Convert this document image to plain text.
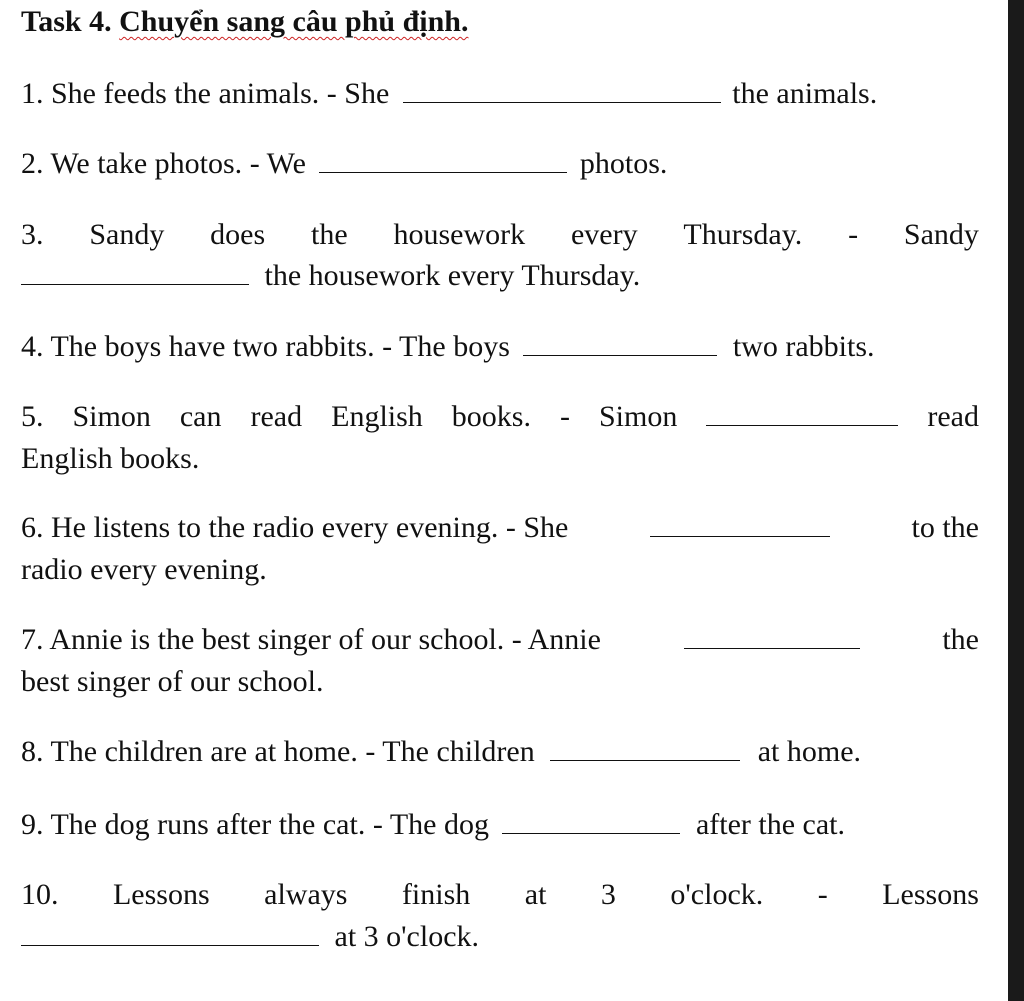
Task 4. Chuyển sang câu phủ định.
1. She feeds the animals. - She	the animals.
2. We take photos. - We	photos.
3. Sandy does the housework every Thursday. - Sandy
the housework every Thursday.
4. The boys have two rabbits. - The boys	two rabbits.
5. Simon can read English books. - Simon	read
English books.
6. He listens to the radio every evening. - She	to the
radio every evening.
7. Annie is the best singer of our school. - Annie	the
best singer of our school.
8. The children are at home. - The children	at home.
9. The dog runs after the cat. - The dog	after the cat.
10. Lessons always finish at 3 o'clock. - Lessons
at 3 o'clock.
